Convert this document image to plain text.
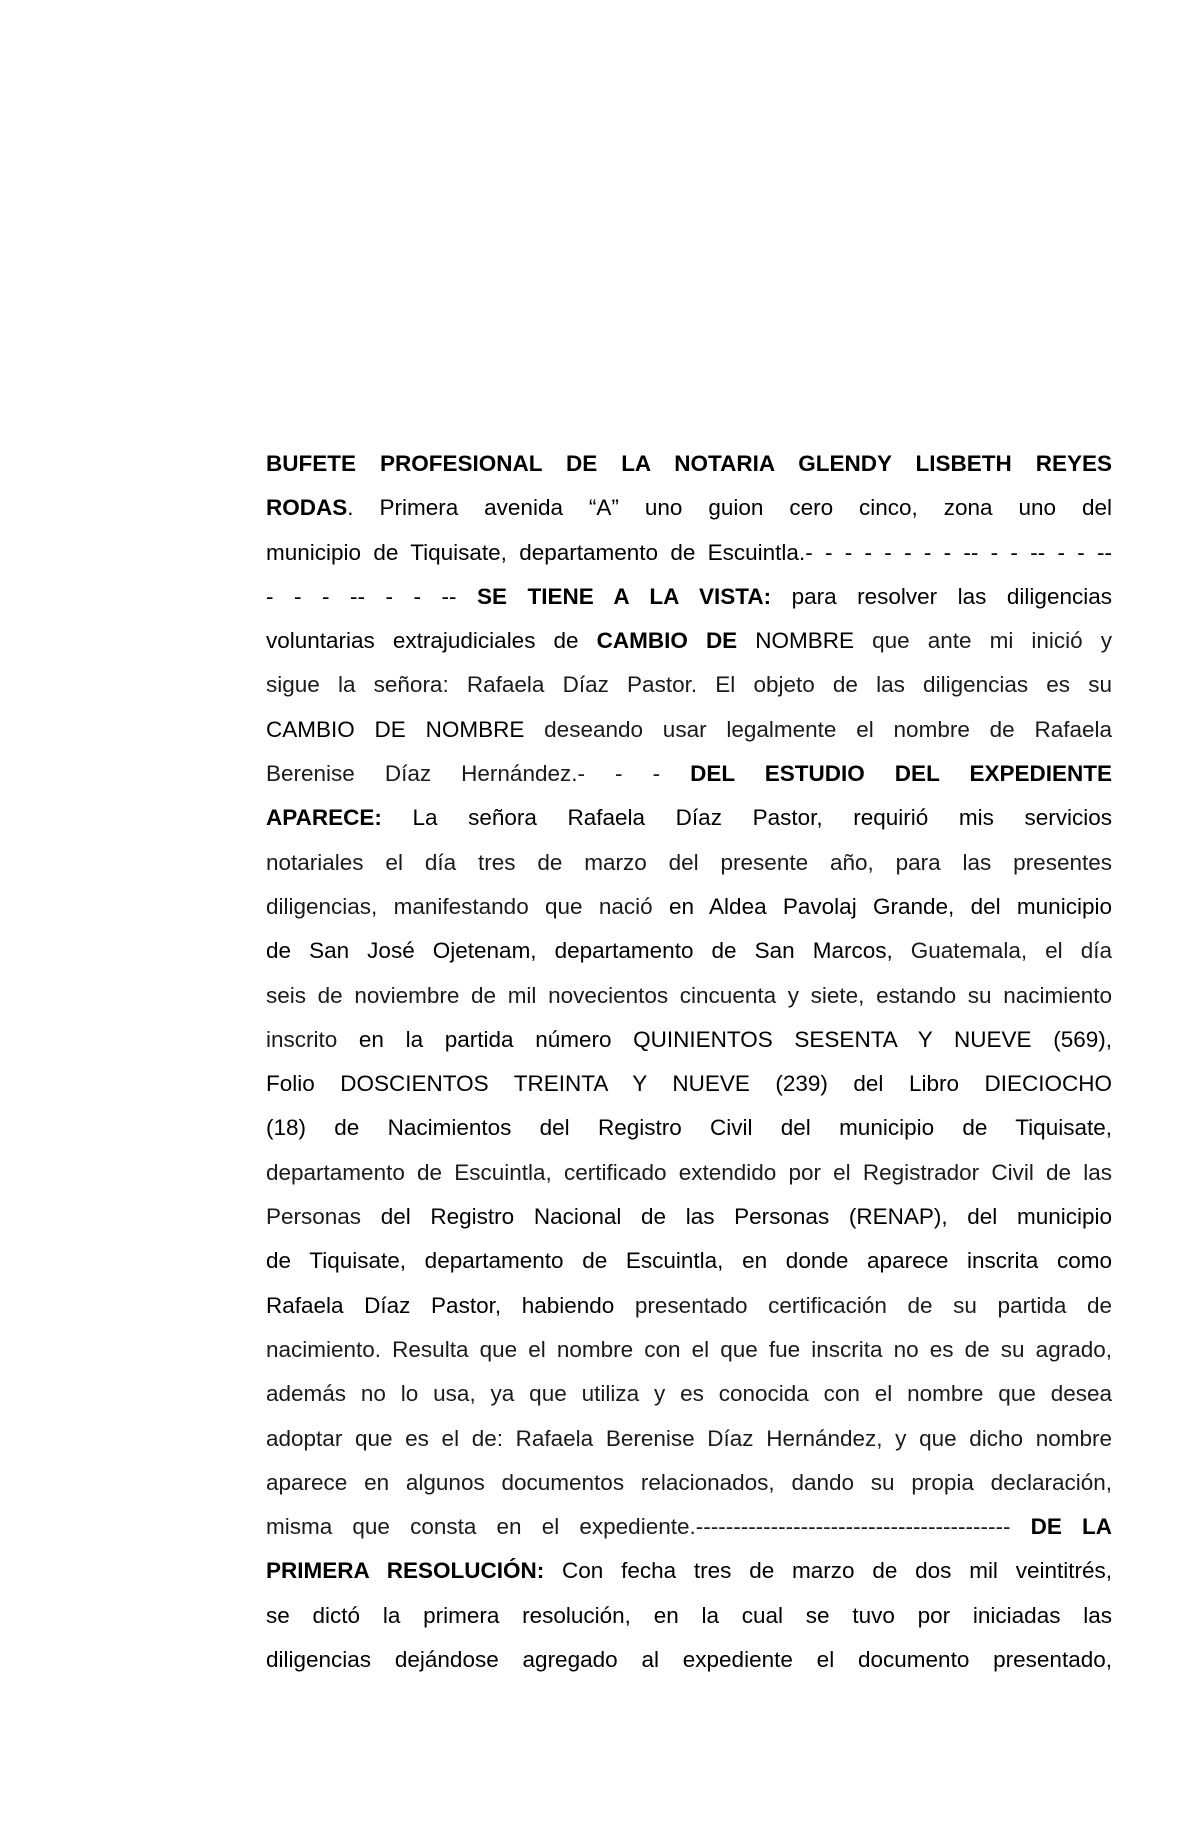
BUFETE PROFESIONAL DE LA NOTARIA GLENDY LISBETH REYES
RODAS. Primera avenida “A” uno guion cero cinco, zona uno del
municipio de Tiquisate, departamento de Escuintla.- - - - - - - - -- - - -- - - --
- - - -- - - -- SE TIENE A LA VISTA: para resolver las diligencias
voluntarias extrajudiciales de CAMBIO DE NOMBRE que ante mi inició y
sigue la señora: Rafaela Díaz Pastor. El objeto de las diligencias es su
CAMBIO DE NOMBRE deseando usar legalmente el nombre de Rafaela
Berenise Díaz Hernández.- - - DEL ESTUDIO DEL EXPEDIENTE
APARECE: La señora Rafaela Díaz Pastor, requirió mis servicios
notariales el día tres de marzo del presente año, para las presentes
diligencias, manifestando que nació en Aldea Pavolaj Grande, del municipio
de San José Ojetenam, departamento de San Marcos, Guatemala, el día
seis de noviembre de mil novecientos cincuenta y siete, estando su nacimiento
inscrito en la partida número QUINIENTOS SESENTA Y NUEVE (569),
Folio DOSCIENTOS TREINTA Y NUEVE (239) del Libro DIECIOCHO
(18) de Nacimientos del Registro Civil del municipio de Tiquisate,
departamento de Escuintla, certificado extendido por el Registrador Civil de las
Personas del Registro Nacional de las Personas (RENAP), del municipio
de Tiquisate, departamento de Escuintla, en donde aparece inscrita como
Rafaela Díaz Pastor, habiendo presentado certificación de su partida de
nacimiento. Resulta que el nombre con el que fue inscrita no es de su agrado,
además no lo usa, ya que utiliza y es conocida con el nombre que desea
adoptar que es el de: Rafaela Berenise Díaz Hernández, y que dicho nombre
aparece en algunos documentos relacionados, dando su propia declaración,
misma que consta en el expediente.------------------------------------------ DE LA
PRIMERA RESOLUCIÓN: Con fecha tres de marzo de dos mil veintitrés,
se dictó la primera resolución, en la cual se tuvo por iniciadas las
diligencias dejándose agregado al expediente el documento presentado,
